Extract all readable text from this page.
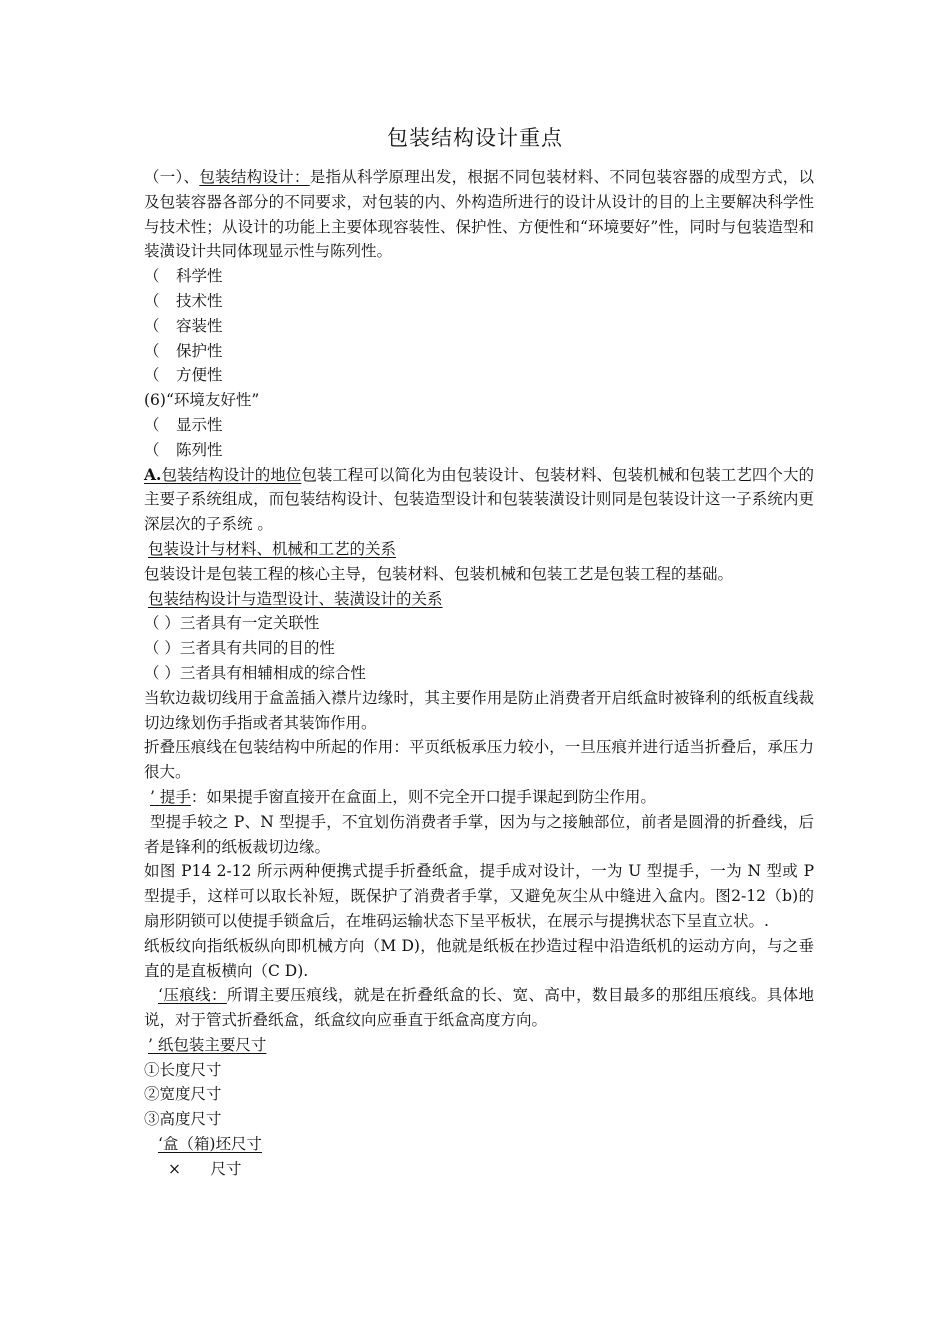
包装结构设计重点

（一）、包装结构设计：是指从科学原理出发，根据不同包装材料、不同包装容器的成型方式，以及包装容器各部分的不同要求，对包装的内、外构造所进行的设计从设计的目的上主要解决科学性与技术性；从设计的功能上主要体现容装性、保护性、方便性和“环境要好”性，同时与包装造型和装潢设计共同体现显示性与陈列性。

（ 科学性

（ 技术性

（ 容装性

（ 保护性

（ 方便性

(6)“环境友好性”

（ 显示性

（ 陈列性

A.包装结构设计的地位包装工程可以简化为由包装设计、包装材料、包装机械和包装工艺四个大的主要子系统组成，而包装结构设计、包装造型设计和包装装潢设计则同是包装设计这一子系统内更深层次的子系统 。

包装设计与材料、机械和工艺的关系

包装设计是包装工程的核心主导，包装材料、包装机械和包装工艺是包装工程的基础。

包装结构设计与造型设计、装潢设计的关系

（ ）三者具有一定关联性

（ ）三者具有共同的目的性

（ ）三者具有相辅相成的综合性

当软边裁切线用于盒盖插入襟片边缘时，其主要作用是防止消费者开启纸盒时被锋利的纸板直线裁切边缘划伤手指或者其装饰作用。

折叠压痕线在包装结构中所起的作用：平页纸板承压力较小，一旦压痕并进行适当折叠后，承压力很大。

’ 提手：如果提手窗直接开在盒面上，则不完全开口提手课起到防尘作用。

型提手较之 P、N 型提手，不宜划伤消费者手掌，因为与之接触部位，前者是圆滑的折叠线，后者是锋利的纸板裁切边缘。

如图 P14 2-12 所示两种便携式提手折叠纸盒，提手成对设计，一为 U 型提手，一为 N 型或 P 型提手，这样可以取长补短，既保护了消费者手掌，又避免灰尘从中缝进入盒内。图2-12（b)的扇形阴锁可以使提手锁盒后，在堆码运输状态下呈平板状，在展示与提携状态下呈直立状。.

纸板纹向指纸板纵向即机械方向（M D)，他就是纸板在抄造过程中沿造纸机的运动方向，与之垂直的是直板横向（C D).

‘压痕线：所谓主要压痕线，就是在折叠纸盒的长、宽、高中，数目最多的那组压痕线。具体地说，对于管式折叠纸盒，纸盒纹向应垂直于纸盒高度方向。

’ 纸包装主要尺寸

①长度尺寸

②宽度尺寸

③高度尺寸

‘盒（箱)坯尺寸

×      尺寸
